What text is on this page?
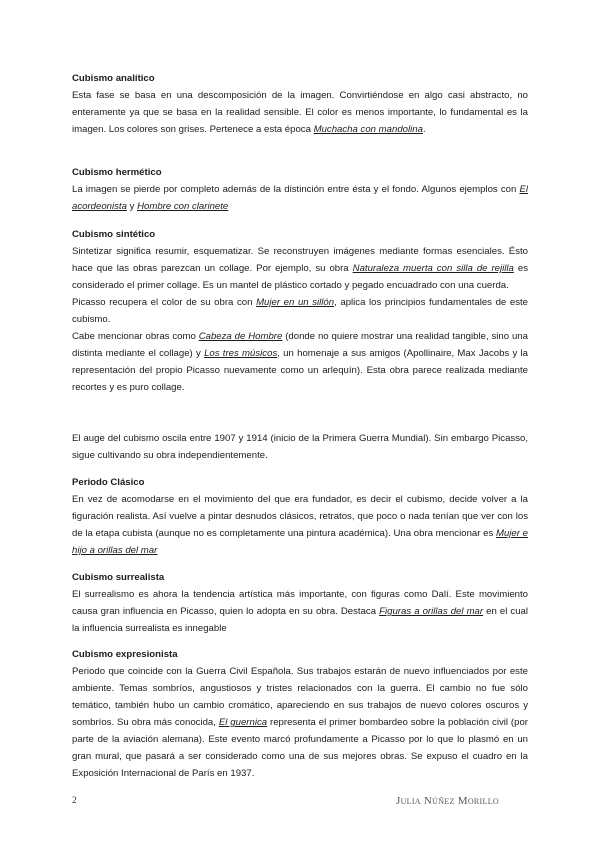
Cubismo analítico

Esta fase se basa en una descomposición de la imagen. Convirtiéndose en algo casi abstracto, no enteramente ya que se basa en la realidad sensible. El color es menos importante, lo fundamental es la imagen. Los colores son grises. Pertenece a esta época Muchacha con mandolina.

Cubismo hermético

La imagen se pierde por completo además de la distinción entre ésta y el fondo. Algunos ejemplos con El acordeonista y Hombre con clarinete

Cubismo sintético

Sintetizar significa resumir, esquematizar. Se reconstruyen imágenes mediante formas esenciales. Ésto hace que las obras parezcan un collage. Por ejemplo, su obra Naturaleza muerta con silla de rejilla es considerado el primer collage. Es un mantel de plástico cortado y pegado encuadrado con una cuerda.

Picasso recupera el color de su obra con Mujer en un sillón, aplica los principios fundamentales de este cubismo.

Cabe mencionar obras como Cabeza de Hombre (donde no quiere mostrar una realidad tangible, sino una distinta mediante el collage) y Los tres músicos, un homenaje a sus amigos (Apollinaire, Max Jacobs y la representación del propio Picasso nuevamente como un arlequín). Esta obra parece realizada mediante recortes y es puro collage.

El auge del cubismo oscila entre 1907 y 1914 (inicio de la Primera Guerra Mundial). Sin embargo Picasso, sigue cultivando su obra independientemente.

Periodo Clásico

En vez de acomodarse en el movimiento del que era fundador, es decir el cubismo, decide volver a la figuración realista. Así vuelve a pintar desnudos clásicos, retratos, que poco o nada tenían que ver con los de la etapa cubista (aunque no es completamente una pintura académica). Una obra mencionar es Mujer e hijo a orillas del mar

Cubismo surrealista

El surrealismo es ahora la tendencia artística más importante, con figuras como Dalí. Este movimiento causa gran influencia en Picasso, quien lo adopta en su obra. Destaca Figuras a orillas del mar en el cual la influencia surrealista es innegable

Cubismo expresionista

Periodo que coincide con la Guerra Civil Española. Sus trabajos estarán de nuevo influenciados por este ambiente. Temas sombríos, angustiosos y tristes relacionados con la guerra. El cambio no fue sólo temático, también hubo un cambio cromático, apareciendo en sus trabajos de nuevo colores oscuros y sombríos. Su obra más conocida, El guernica representa el primer bombardeo sobre la población civil (por parte de la aviación alemana). Este evento marcó profundamente a Picasso por lo que lo plasmó en un gran mural, que pasará a ser considerado como una de sus mejores obras. Se expuso el cuadro en la Exposición Internacional de París en 1937.

2	Julia Núñez Morillo
